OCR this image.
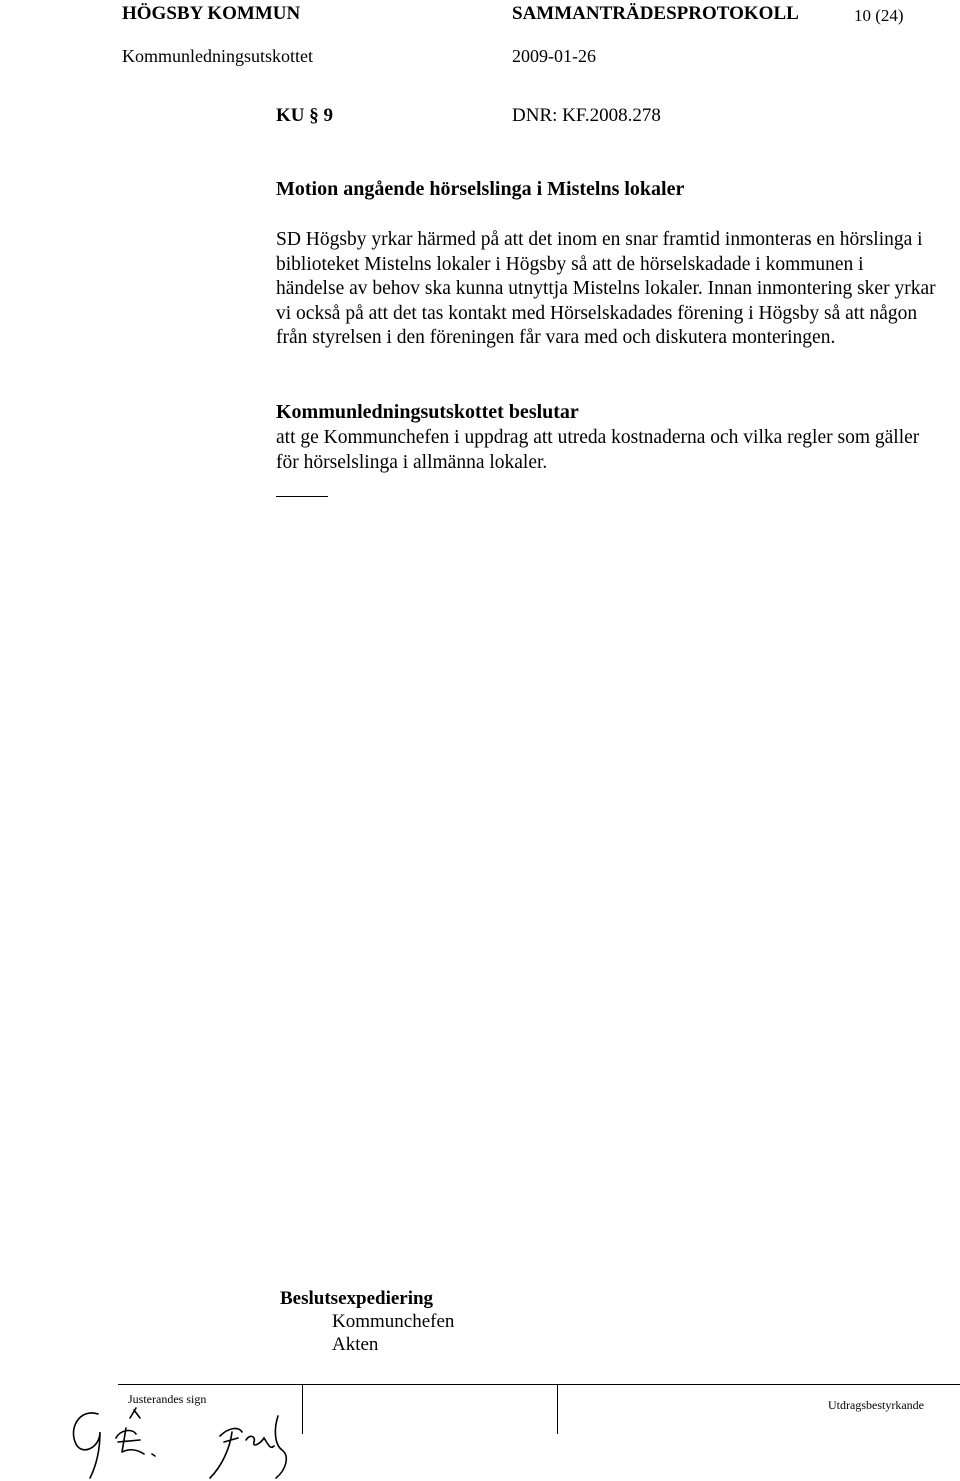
HÖGSBY KOMMUN	SAMMANTRÄDESPROTOKOLL	10 (24)
Kommunledningsutskottet	2009-01-26
KU § 9	DNR: KF.2008.278
Motion angående hörselslinga i Mistelns lokaler
SD Högsby yrkar härmed på att det inom en snar framtid inmonteras en hörslinga i biblioteket Mistelns lokaler i Högsby så att de hörselskadade i kommunen i händelse av behov ska kunna utnyttja Mistelns lokaler. Innan inmontering sker yrkar vi också på att det tas kontakt med Hörselskadades förening i Högsby så att någon från styrelsen i den föreningen får vara med och diskutera monteringen.
Kommunledningsutskottet beslutar
att ge Kommunchefen i uppdrag att utreda kostnaderna och vilka regler som gäller för hörselslinga i allmänna lokaler.
Beslutsexpediering
Kommunchefen
Akten
Justerandes sign	Utdragsbestyrkande
